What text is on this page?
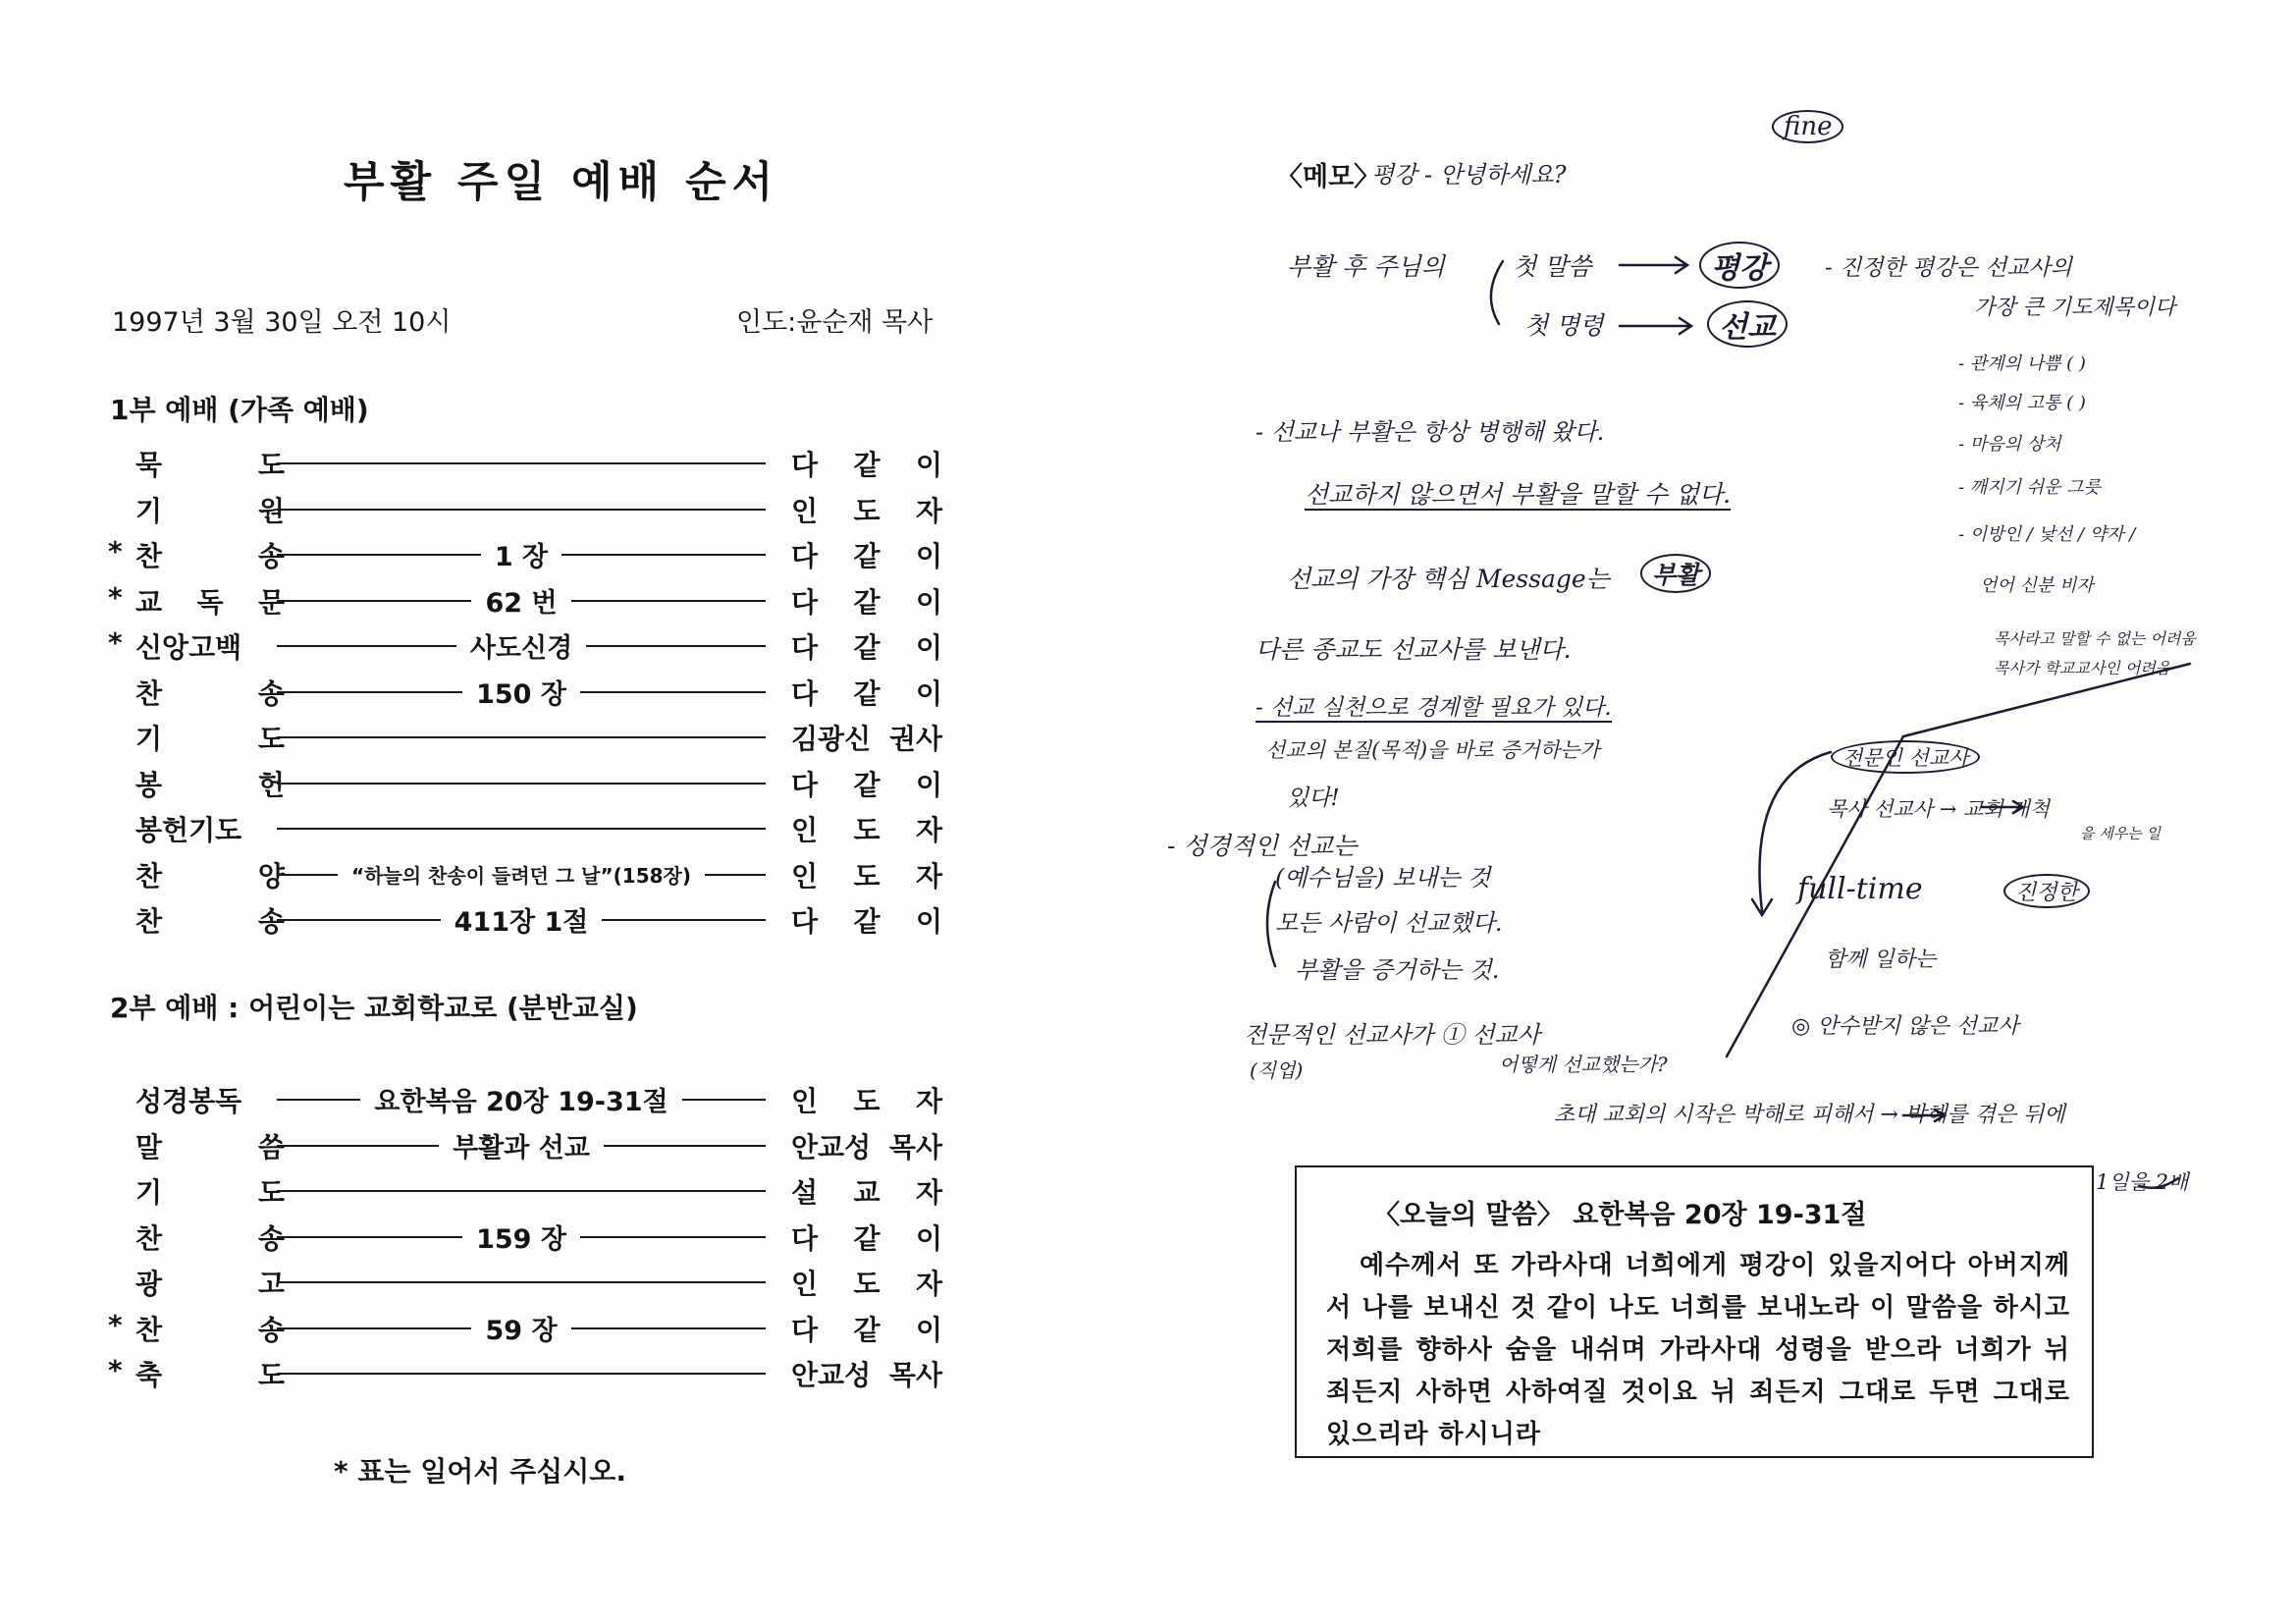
부활 주일 예배 순서
1997년 3월 30일 오전 10시	인도:윤순재 목사
1부 예배 (가족 예배)
묵 도	다 같 이
기 원	인 도 자
* 찬 송	1 장	다 같 이
* 교 독 문	62 번	다 같 이
* 신앙고백	사도신경	다 같 이
찬 송	150 장	다 같 이
기 도	김광신 권사
봉 헌	다 같 이
봉헌기도	인 도 자
찬 양	“하늘의 찬송이 들려던 그 날”(158장)	인 도 자
찬 송	411장 1절	다 같 이
2부 예배 : 어린이는 교회학교로 (분반교실)
성경봉독	요한복음 20장 19-31절	인 도 자
말 씀	부활과 선교	안교성 목사
기 도	설 교 자
찬 송	159 장	다 같 이
광 고	인 도 자
* 찬 송	59 장	다 같 이
* 축 도	안교성 목사
* 표는 일어서 주십시오.
〈메모〉
fine
평강 - 안녕하세요?
부활 후 주님의	첫 말씀	평강	- 진정한 평강은 선교사의
가장 큰 기도제목이다
첫 명령	선교
- 관계의 나쁨 ( )
- 육체의 고통 ( )
- 마음의 상처
- 깨지기 쉬운 그릇
- 이방인 / 낯선 / 약자 /
언어 신분 비자
목사라고 말할 수 없는 어려움
목사가 학교교사인 어려움
- 선교나 부활은 항상 병행해 왔다.
선교하지 않으면서 부활을 말할 수 없다.
선교의 가장 핵심 Message는	부활
다른 종교도 선교사를 보낸다.
- 선교 실천으로 경계할 필요가 있다.
선교의 본질(목적)을 바로 증거하는가
있다!
- 성경적인 선교는
(예수님을) 보내는 것
모든 사람이 선교했다.
부활을 증거하는 것.
전문적인 선교사가 ① 선교사
(직업)	어떻게 선교했는가?
초대 교회의 시작은 박해로 피해서 → 박해를 겪은 뒤에
1일을 2배
전문인 선교사
목사 선교사 → 교회 개척
을 세우는 일
full-time	진정한
함께 일하는
◎ 안수받지 않은 선교사
〈오늘의 말씀〉 요한복음 20장 19-31절
예수께서 또 가라사대 너희에게 평강이 있을지어다 아버지께서 나를 보내신 것 같이 나도 너희를 보내노라 이 말씀을 하시고 저희를 향하사 숨을 내쉬며 가라사대 성령을 받으라 너희가 뉘 죄든지 사하면 사하여질 것이요 뉘 죄든지 그대로 두면 그대로 있으리라 하시니라
